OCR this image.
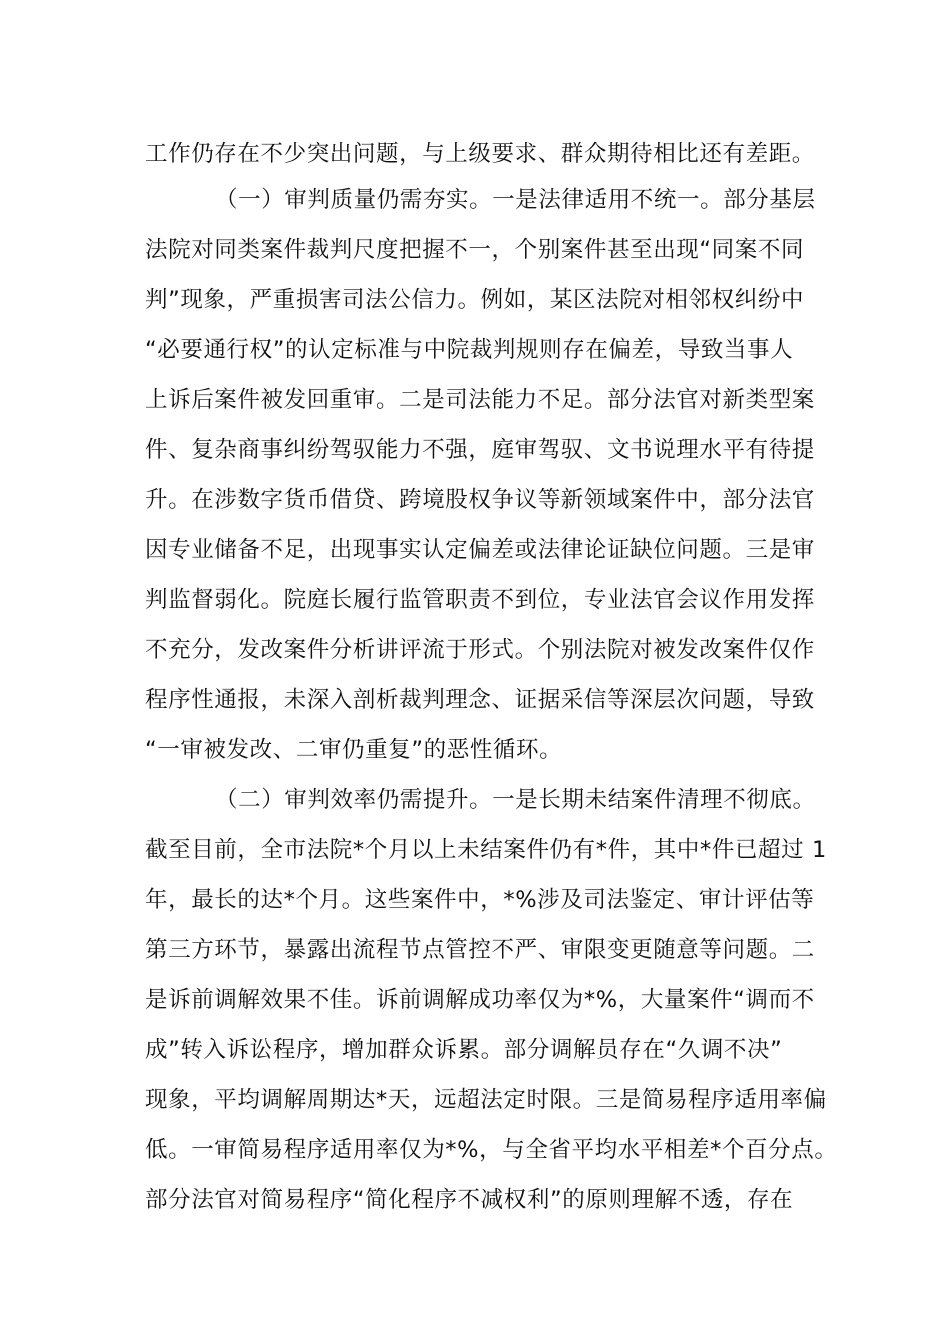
工作仍存在不少突出问题，与上级要求、群众期待相比还有差距。
（一）审判质量仍需夯实。一是法律适用不统一。部分基层
法院对同类案件裁判尺度把握不一，个别案件甚至出现“同案不同
判”现象，严重损害司法公信力。例如，某区法院对相邻权纠纷中
“必要通行权”的认定标准与中院裁判规则存在偏差，导致当事人
上诉后案件被发回重审。二是司法能力不足。部分法官对新类型案
件、复杂商事纠纷驾驭能力不强，庭审驾驭、文书说理水平有待提
升。在涉数字货币借贷、跨境股权争议等新领域案件中，部分法官
因专业储备不足，出现事实认定偏差或法律论证缺位问题。三是审
判监督弱化。院庭长履行监管职责不到位，专业法官会议作用发挥
不充分，发改案件分析讲评流于形式。个别法院对被发改案件仅作
程序性通报，未深入剖析裁判理念、证据采信等深层次问题，导致
“一审被发改、二审仍重复”的恶性循环。
（二）审判效率仍需提升。一是长期未结案件清理不彻底。
截至目前，全市法院*个月以上未结案件仍有*件，其中*件已超过 1
年，最长的达*个月。这些案件中，*%涉及司法鉴定、审计评估等
第三方环节，暴露出流程节点管控不严、审限变更随意等问题。二
是诉前调解效果不佳。诉前调解成功率仅为*%，大量案件“调而不
成”转入诉讼程序，增加群众诉累。部分调解员存在“久调不决”
现象，平均调解周期达*天，远超法定时限。三是简易程序适用率偏
低。一审简易程序适用率仅为*%，与全省平均水平相差*个百分点。
部分法官对简易程序“简化程序不减权利”的原则理解不透，存在
